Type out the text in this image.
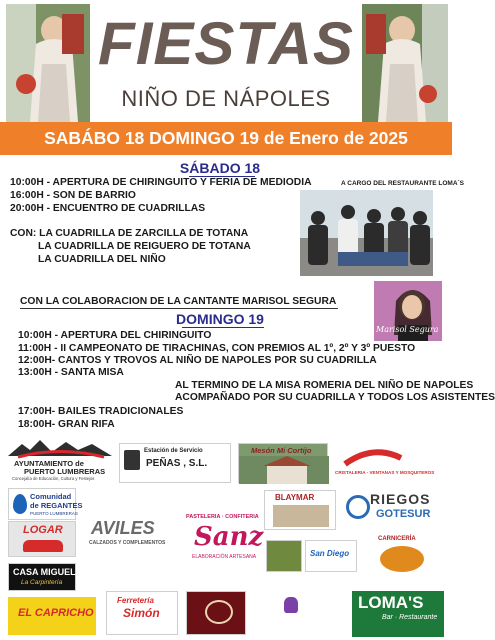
FIESTAS
NIÑO DE NÁPOLES
SABÁBO 18 DOMINGO 19 de Enero de 2025
SÁBADO 18
10:00H - APERTURA DE CHIRINGUITO Y FERIA DE MEDIODIA	A CARGO DEL RESTAURANTE LOMA´S
16:00H - SON DE BARRIO
20:00H - ENCUENTRO DE CUADRILLAS
CON: LA CUADRILLA DE ZARCILLA DE TOTANA
LA CUADRILLA DE REIGUERO DE TOTANA
LA CUADRILLA DEL NIÑO
Marisol Segura
CON LA COLABORACION DE LA CANTANTE MARISOL SEGURA
DOMINGO 19
10:00H - APERTURA DEL CHIRINGUITO
11:00H - II CAMPEONATO DE TIRACHINAS, CON PREMIOS AL 1º, 2º Y 3º PUESTO
12:00H- CANTOS Y TROVOS AL NIÑO DE NAPOLES POR SU CUADRILLA
13:00H - SANTA MISA
AL TERMINO DE LA MISA ROMERIA DEL NIÑO DE NAPOLES
ACOMPAÑADO POR SU CUADRILLA Y TODOS LOS ASISTENTES
17:00H- BAILES TRADICIONALES
18:00H- GRAN RIFA
AYUNTAMIENTO de
PUERTO LUMBRERAS
Concejalía de Educación, Cultura y Festejos
Estación de Servicio
PEÑAS , S.L.
Mesón Mi Cortijo
CRISTALERIA - VENTANAS Y MOSQUITEROS
Comunidad
de REGANTES
PUERTO LUMBRERAS
BLAYMAR	RIEGOS
GOTESUR
LOGAR AVILES
CALZADOS Y COMPLEMENTOS
PASTELERIA · CONFITERIA
Sanz
ELABORACIÓN ARTESANA	San Diego
CARNICERÍA
CASA MIGUEL
La Carpintería
EL CAPRICHO
Ferretería
Simón
LOMA'S
Bar · Restaurante
